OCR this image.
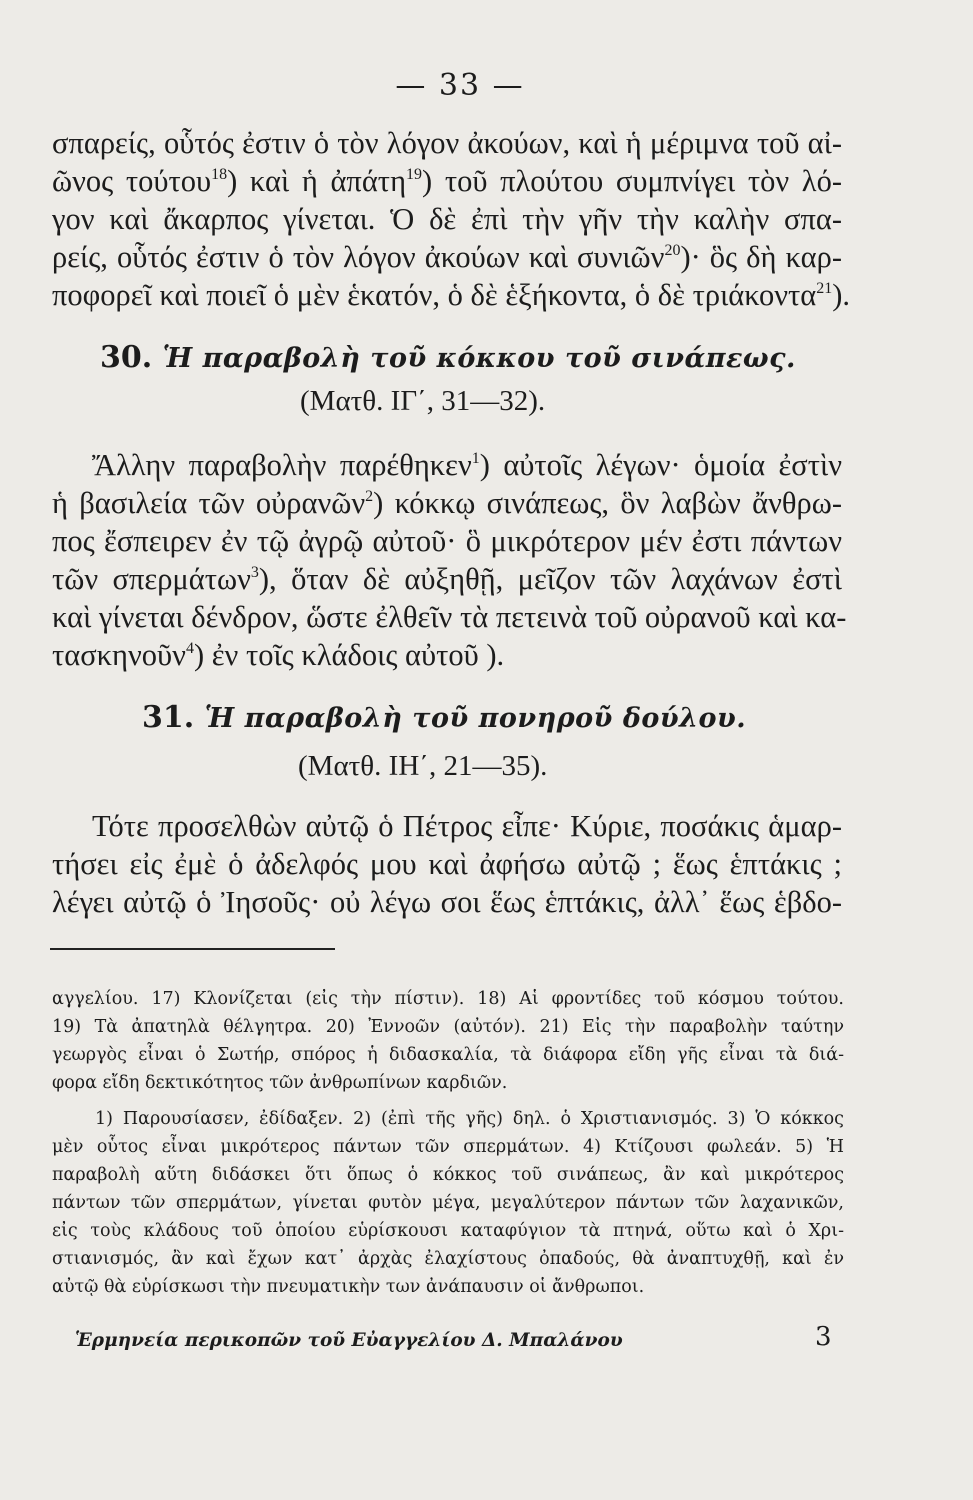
— 33 —
σπαρείς, οὗτός ἐστιν ὁ τὸν λόγον ἀκούων, καὶ ἡ μέριμνα τοῦ αἰ-
ῶνος τούτου$^{18}$) καὶ ἡ ἀπάτη$^{19}$) τοῦ πλούτου συμπνίγει τὸν λό-
γον καὶ ἄκαρπος γίνεται. Ὁ δὲ ἐπὶ τὴν γῆν τὴν καλὴν σπα-
ρείς, οὗτός ἐστιν ὁ τὸν λόγον ἀκούων καὶ συνιῶν$^{20}$)· ὃς δὴ καρ-
ποφορεῖ καὶ ποιεῖ ὁ μὲν ἑκατόν, ὁ δὲ ἑξήκοντα, ὁ δὲ τριάκοντα$^{21}$).
30. Ἡ παραβολὴ τοῦ κόκκου τοῦ σινάπεως.
(Ματθ. ΙΓ΄, 31—32).
Ἄλλην παραβολὴν παρέθηκεν$^1$) αὐτοῖς λέγων· ὁμοία ἐστὶν
ἡ βασιλεία τῶν οὐρανῶν$^2$) κόκκῳ σινάπεως, ὃν λαβὼν ἄνθρω-
πος ἔσπειρεν ἐν τῷ ἀγρῷ αὐτοῦ· ὃ μικρότερον μέν ἐστι πάντων
τῶν σπερμάτων$^3$), ὅταν δὲ αὐξηθῇ, μεῖζον τῶν λαχάνων ἐστὶ
καὶ γίνεται δένδρον, ὥστε ἐλθεῖν τὰ πετεινὰ τοῦ οὐρανοῦ καὶ κα-
τασκηνοῦν$^4$) ἐν τοῖς κλάδοις αὐτοῦ ).
31. Ἡ παραβολὴ τοῦ πονηροῦ δούλου.
(Ματθ. ΙΗ΄, 21—35).
Τότε προσελθὼν αὐτῷ ὁ Πέτρος εἶπε· Κύριε, ποσάκις ἁμαρ-
τήσει εἰς ἐμὲ ὁ ἀδελφός μου καὶ ἀφήσω αὐτῷ ; ἕως ἑπτάκις ;
λέγει αὐτῷ ὁ Ἰησοῦς· οὐ λέγω σοι ἕως ἑπτάκις, ἀλλ᾽ ἕως ἑβδο-
αγγελίου. 17) Κλονίζεται (εἰς τὴν πίστιν). 18) Αἱ φροντίδες τοῦ κόσμου τούτου.
19) Τὰ ἀπατηλὰ θέλγητρα. 20) Ἐννοῶν (αὐτόν). 21) Εἰς τὴν παραβολὴν ταύτην
γεωργὸς εἶναι ὁ Σωτήρ, σπόρος ἡ διδασκαλία, τὰ διάφορα εἴδη γῆς εἶναι τὰ διά-
φορα εἴδη δεκτικότητος τῶν ἀνθρωπίνων καρδιῶν.
1) Παρουσίασεν, ἐδίδαξεν. 2) (ἐπὶ τῆς γῆς) δηλ. ὁ Χριστιανισμός. 3) Ὁ κόκκος
μὲν οὗτος εἶναι μικρότερος πάντων τῶν σπερμάτων. 4) Κτίζουσι φωλεάν. 5) Ἡ
παραβολὴ αὕτη διδάσκει ὅτι ὅπως ὁ κόκκος τοῦ σινάπεως, ἂν καὶ μικρότερος
πάντων τῶν σπερμάτων, γίνεται φυτὸν μέγα, μεγαλύτερον πάντων τῶν λαχανικῶν,
εἰς τοὺς κλάδους τοῦ ὁποίου εὑρίσκουσι καταφύγιον τὰ πτηνά, οὕτω καὶ ὁ Χρι-
στιανισμός, ἂν καὶ ἔχων κατ᾽ ἀρχὰς ἐλαχίστους ὀπαδούς, θὰ ἀναπτυχθῇ, καὶ ἐν
αὐτῷ θὰ εὑρίσκωσι τὴν πνευματικὴν των ἀνάπαυσιν οἱ ἄνθρωποι.
Ἑρμηνεία περικοπῶν τοῦ Εὐαγγελίου Δ. Μπαλάνου	3
